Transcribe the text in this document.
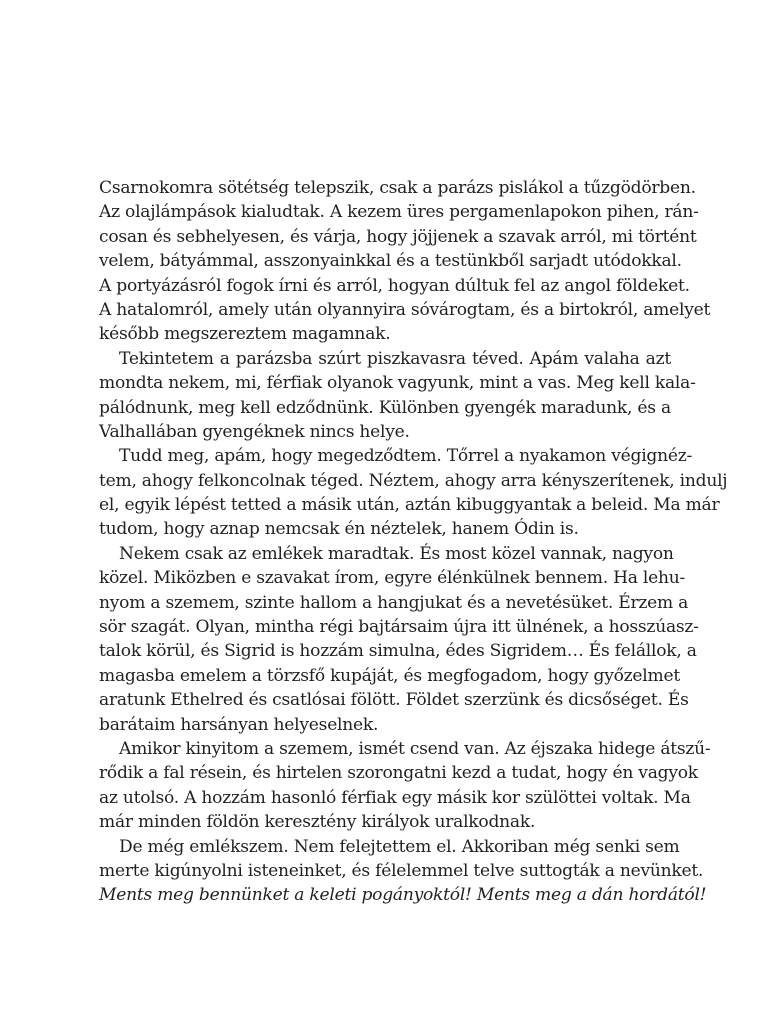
Csarnokomra sötétség telepszik, csak a parázs pislákol a tűzgödörben.
Az olajlámpások kialudtak. A kezem üres pergamenlapokon pihen, rán-
cosan és sebhelyesen, és várja, hogy jöjjenek a szavak arról, mi történt
velem, bátyámmal, asszonyainkkal és a testünkből sarjadt utódokkal.
A portyázásról fogok írni és arról, hogyan dúltuk fel az angol földeket.
A hatalomról, amely után olyannyira sóvárogtam, és a birtokról, amelyet
később megszereztem magamnak.
Tekintetem a parázsba szúrt piszkavasra téved. Apám valaha azt
mondta nekem, mi, férfiak olyanok vagyunk, mint a vas. Meg kell kala-
pálódnunk, meg kell edződnünk. Különben gyengék maradunk, és a
Valhallában gyengéknek nincs helye.
Tudd meg, apám, hogy megedződtem. Tőrrel a nyakamon végignéz-
tem, ahogy felkoncolnak téged. Néztem, ahogy arra kényszerítenek, indulj
el, egyik lépést tetted a másik után, aztán kibuggyantak a beleid. Ma már
tudom, hogy aznap nemcsak én néztelek, hanem Ódin is.
Nekem csak az emlékek maradtak. És most közel vannak, nagyon
közel. Miközben e szavakat írom, egyre élénkülnek bennem. Ha lehu-
nyom a szemem, szinte hallom a hangjukat és a nevetésüket. Érzem a
sör szagát. Olyan, mintha régi bajtársaim újra itt ülnének, a hosszúasz-
talok körül, és Sigrid is hozzám simulna, édes Sigridem… És felállok, a
magasba emelem a törzsfő kupáját, és megfogadom, hogy győzelmet
aratunk Ethelred és csatlósai fölött. Földet szerzünk és dicsőséget. És
barátaim harsányan helyeselnek.
Amikor kinyitom a szemem, ismét csend van. Az éjszaka hidege átszű-
rődik a fal résein, és hirtelen szorongatni kezd a tudat, hogy én vagyok
az utolsó. A hozzám hasonló férfiak egy másik kor szülöttei voltak. Ma
már minden földön keresztény királyok uralkodnak.
De még emlékszem. Nem felejtettem el. Akkoriban még senki sem
merte kigúnyolni isteneinket, és félelemmel telve suttogták a nevünket.
Ments meg bennünket a keleti pogányoktól! Ments meg a dán hordától!
